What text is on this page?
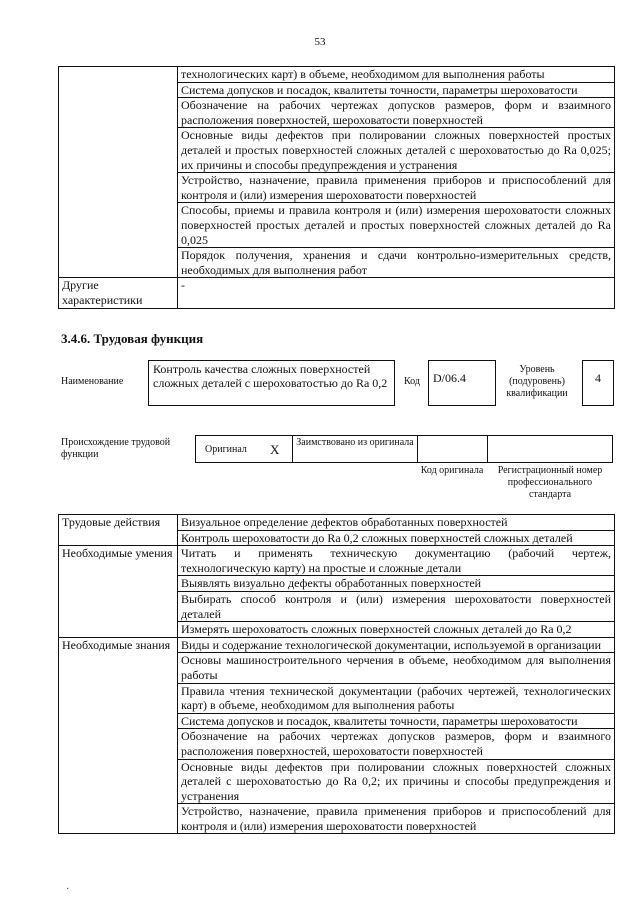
53
	технологических карт) в объеме, необходимом для выполнения работы
	Система допусков и посадок, квалитеты точности, параметры шероховатости
	Обозначение на рабочих чертежах допусков размеров, форм и взаимного расположения поверхностей, шероховатости поверхностей
	Основные виды дефектов при полировании сложных поверхностей простых деталей и простых поверхностей сложных деталей с шероховатостью до Ra 0,025; их причины и способы предупреждения и устранения
	Устройство, назначение, правила применения приборов и приспособлений для контроля и (или) измерения шероховатости поверхностей
	Способы, приемы и правила контроля и (или) измерения шероховатости сложных поверхностей простых деталей и простых поверхностей сложных деталей до Ra 0,025
	Порядок получения, хранения и сдачи контрольно-измерительных средств, необходимых для выполнения работ
Другие характеристики	-
3.4.6. Трудовая функция
Наименование
Контроль качества сложных поверхностей сложных деталей с шероховатостью до Ra 0,2	Код	D/06.4
Уровень (подуровень) квалификации
4
Происхождение трудовой функции	Оригинал X	Заимствовано из оригинала
Код оригинала	Регистрационный номер профессионального стандарта
Трудовые действия	Визуальное определение дефектов обработанных поверхностей
	Контроль шероховатости до Ra 0,2 сложных поверхностей сложных деталей
Необходимые умения	Читать и применять техническую документацию (рабочий чертеж, технологическую карту) на простые и сложные детали
	Выявлять визуально дефекты обработанных поверхностей
	Выбирать способ контроля и (или) измерения шероховатости поверхностей деталей
	Измерять шероховатость сложных поверхностей сложных деталей до Ra 0,2
Необходимые знания	Виды и содержание технологической документации, используемой в организации
	Основы машиностроительного черчения в объеме, необходимом для выполнения работы
	Правила чтения технической документации (рабочих чертежей, технологических карт) в объеме, необходимом для выполнения работы
	Система допусков и посадок, квалитеты точности, параметры шероховатости
	Обозначение на рабочих чертежах допусков размеров, форм и взаимного расположения поверхностей, шероховатости поверхностей
	Основные виды дефектов при полировании сложных поверхностей сложных деталей с шероховатостью до Ra 0,2; их причины и способы предупреждения и устранения
	Устройство, назначение, правила применения приборов и приспособлений для контроля и (или) измерения шероховатости поверхностей
·
